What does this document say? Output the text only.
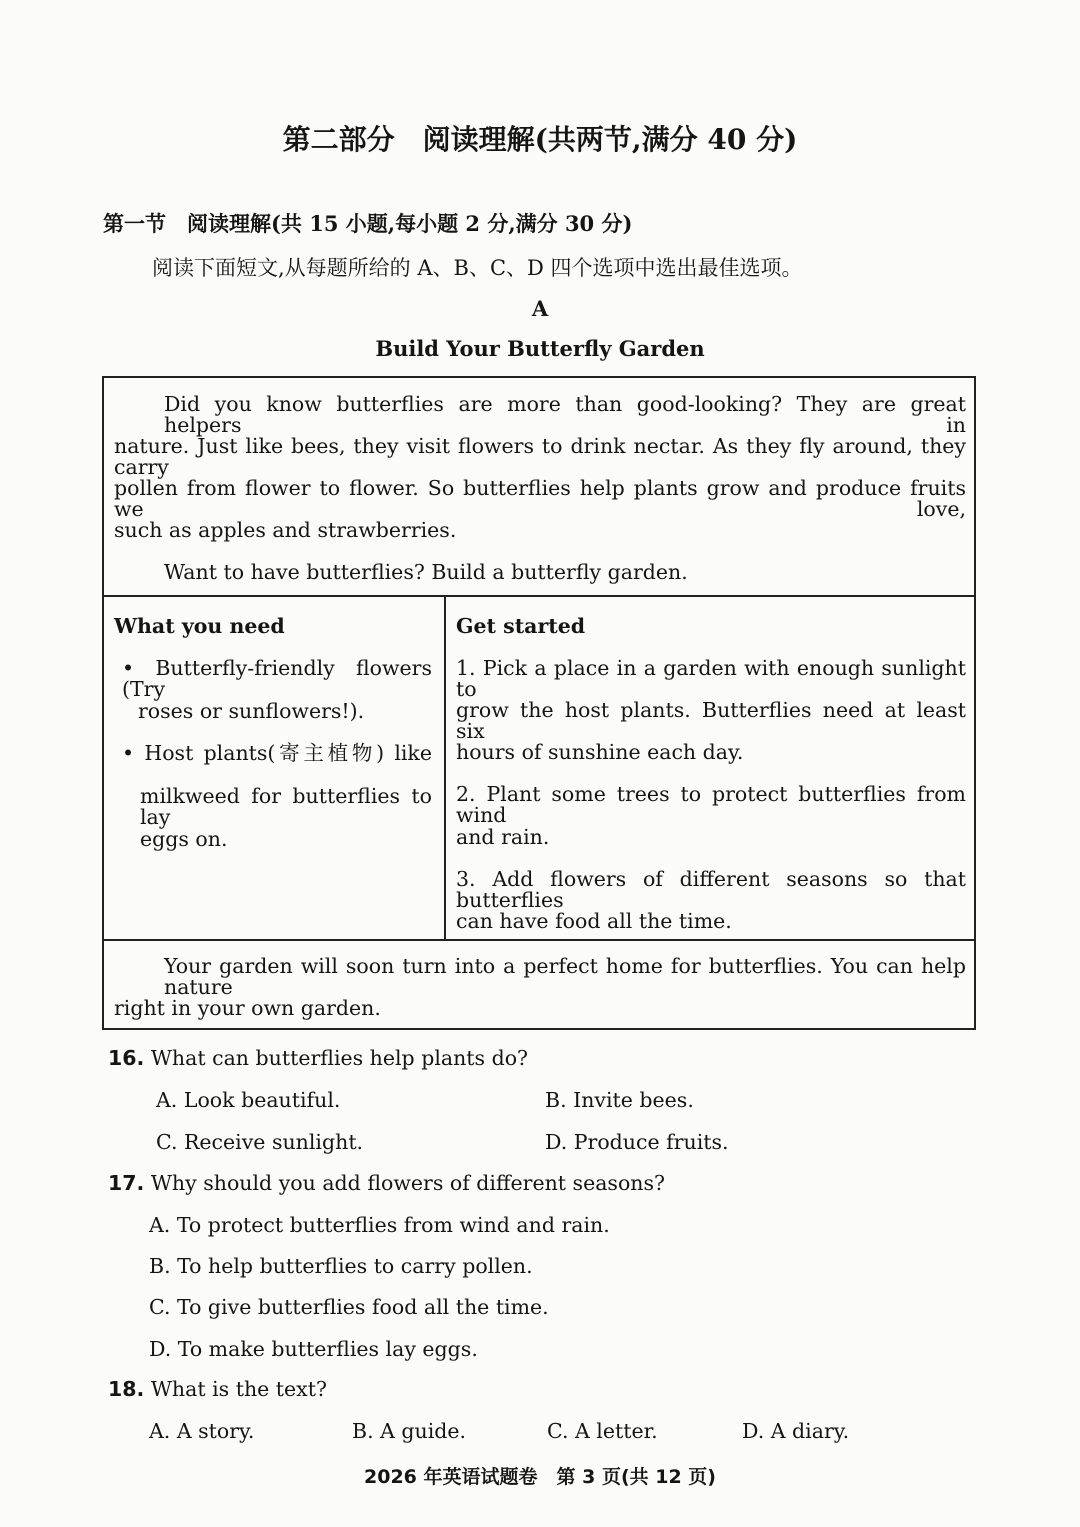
第二部分　阅读理解(共两节,满分 40 分)
第一节　阅读理解(共 15 小题,每小题 2 分,满分 30 分)
阅读下面短文,从每题所给的 A、B、C、D 四个选项中选出最佳选项。
A
Build Your Butterfly Garden
Did you know butterflies are more than good-looking? They are great helpers in
nature. Just like bees, they visit flowers to drink nectar. As they fly around, they carry
pollen from flower to flower. So butterflies help plants grow and produce fruits we love,
such as apples and strawberries.
Want to have butterflies? Build a butterfly garden.
What you need
• Butterfly-friendly flowers (Try
roses or sunflowers!).
• Host plants(寄主植物) like
milkweed for butterflies to lay
eggs on.
Get started
1. Pick a place in a garden with enough sunlight to
grow the host plants. Butterflies need at least six
hours of sunshine each day.
2. Plant some trees to protect butterflies from wind
and rain.
3. Add flowers of different seasons so that butterflies
can have food all the time.
Your garden will soon turn into a perfect home for butterflies. You can help nature
right in your own garden.
16. What can butterflies help plants do?
A. Look beautiful.	B. Invite bees.
C. Receive sunlight.	D. Produce fruits.
17. Why should you add flowers of different seasons?
A. To protect butterflies from wind and rain.
B. To help butterflies to carry pollen.
C. To give butterflies food all the time.
D. To make butterflies lay eggs.
18. What is the text?
A. A story.	B. A guide.	C. A letter.	D. A diary.
2026 年英语试题卷　第 3 页(共 12 页)
